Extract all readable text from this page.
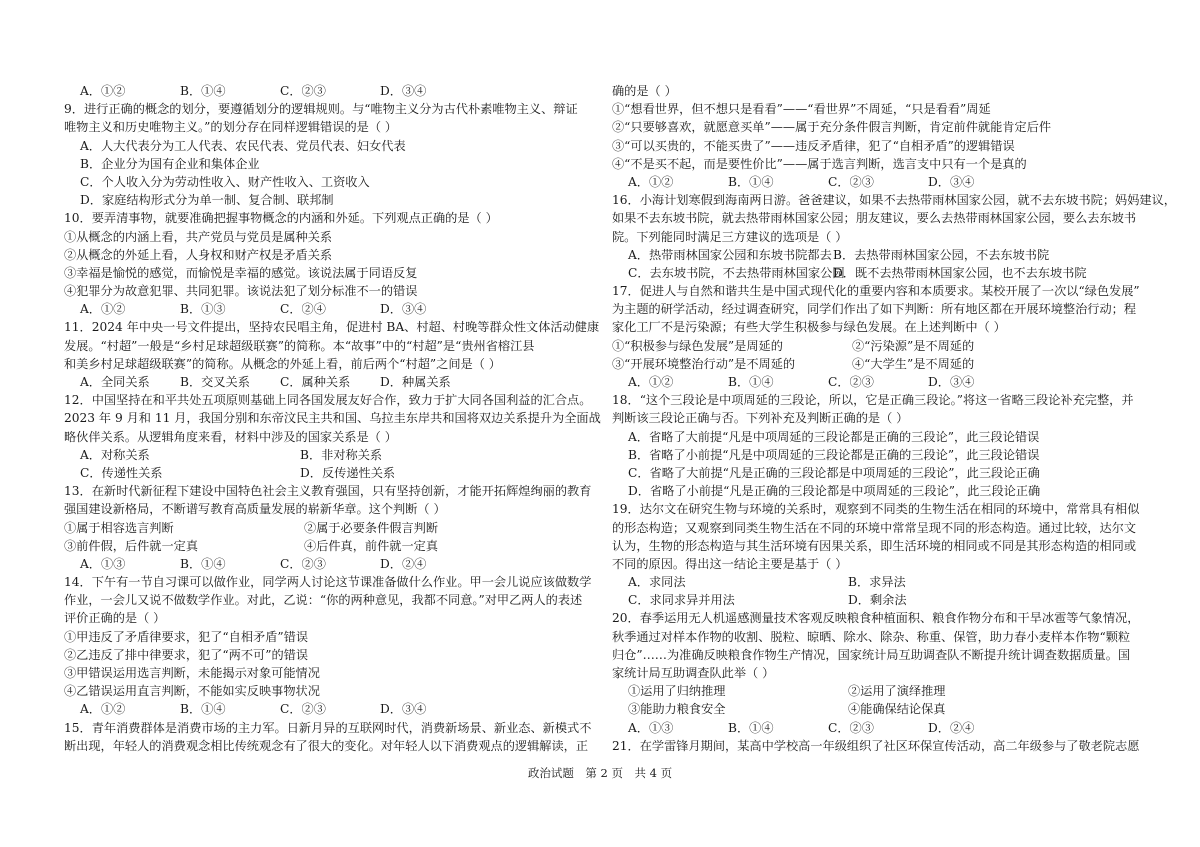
A．①②	B．①④	C．②③	D．③④
9．进行正确的概念的划分，要遵循划分的逻辑规则。与“唯物主义分为古代朴素唯物主义、辩证
唯物主义和历史唯物主义。”的划分存在同样逻辑错误的是（ ）
A．人大代表分为工人代表、农民代表、党员代表、妇女代表
B．企业分为国有企业和集体企业
C．个人收入分为劳动性收入、财产性收入、工资收入
D．家庭结构形式分为单一制、复合制、联邦制
10．要弄清事物，就要准确把握事物概念的内涵和外延。下列观点正确的是（ ）
①从概念的内涵上看，共产党员与党员是属种关系
②从概念的外延上看，人身权和财产权是矛盾关系
③幸福是愉悦的感觉，而愉悦是幸福的感觉。该说法属于同语反复
④犯罪分为故意犯罪、共同犯罪。该说法犯了划分标准不一的错误
A．①②	B．①③	C．②④	D．③④
11．2024 年中央一号文件提出，坚持农民唱主角，促进村 BA、村超、村晚等群众性文体活动健康
发展。“村超”一般是“乡村足球超级联赛”的简称。本“故事”中的“村超”是“贵州省榕江县
和美乡村足球超级联赛”的简称。从概念的外延上看，前后两个“村超”之间是（ ）
A．全同关系	B．交叉关系	C．属种关系	D．种属关系
12．中国坚持在和平共处五项原则基础上同各国发展友好合作，致力于扩大同各国利益的汇合点。
2023 年 9 月和 11 月，我国分别和东帝汶民主共和国、乌拉圭东岸共和国将双边关系提升为全面战
略伙伴关系。从逻辑角度来看，材料中涉及的国家关系是（ ）
A．对称关系	B．非对称关系
C．传递性关系	D．反传递性关系
13．在新时代新征程下建设中国特色社会主义教育强国，只有坚持创新，才能开拓辉煌绚丽的教育
强国建设新格局，不断谱写教育高质量发展的崭新华章。这个判断（ ）
①属于相容选言判断	②属于必要条件假言判断
③前件假，后件就一定真	④后件真，前件就一定真
A．①③	B．①④	C．②③	D．②④
14．下午有一节自习课可以做作业，同学两人讨论这节课准备做什么作业。甲一会儿说应该做数学
作业，一会儿又说不做数学作业。对此，乙说：“你的两种意见，我都不同意。”对甲乙两人的表述
评价正确的是（ ）
①甲违反了矛盾律要求，犯了“自相矛盾”错误
②乙违反了排中律要求，犯了“两不可”的错误
③甲错误运用选言判断，未能揭示对象可能情况
④乙错误运用直言判断，不能如实反映事物状况
A．①②	B．①④	C．②③	D．③④
15．青年消费群体是消费市场的主力军。日新月异的互联网时代，消费新场景、新业态、新模式不
断出现，年轻人的消费观念相比传统观念有了很大的变化。对年轻人以下消费观点的逻辑解读，正
确的是（ ）
①“想看世界，但不想只是看看”——“看世界”不周延，“只是看看”周延
②“只要够喜欢，就愿意买单”——属于充分条件假言判断，肯定前件就能肯定后件
③“可以买贵的，不能买贵了”——违反矛盾律，犯了“自相矛盾”的逻辑错误
④“不是买不起，而是要性价比”——属于选言判断，选言支中只有一个是真的
A．①②	B．①④	C．②③	D．③④
16．小海计划寒假到海南两日游。爸爸建议，如果不去热带雨林国家公园，就不去东坡书院；妈妈建议，
如果不去东坡书院，就去热带雨林国家公园；朋友建议，要么去热带雨林国家公园，要么去东坡书
院。下列能同时满足三方建议的选项是（ ）
A．热带雨林国家公园和东坡书院都去 B．去热带雨林国家公园，不去东坡书院
C．去东坡书院，不去热带雨林国家公园
D．既不去热带雨林国家公园，也不去东坡书院
17．促进人与自然和谐共生是中国式现代化的重要内容和本质要求。某校开展了一次以“绿色发展”
为主题的研学活动，经过调查研究，同学们作出了如下判断：所有地区都在开展环境整治行动；程
家化工厂不是污染源；有些大学生积极参与绿色发展。在上述判断中（ ）
①“积极参与绿色发展”是周延的	②“污染源”是不周延的
③“开展环境整治行动”是不周延的	④“大学生”是不周延的
A．①②	B．①④	C．②③	D．③④
18．“这个三段论是中项周延的三段论，所以，它是正确三段论。”将这一省略三段论补充完整，并
判断该三段论正确与否。下列补充及判断正确的是（ ）
A．省略了大前提“凡是中项周延的三段论都是正确的三段论”，此三段论错误
B．省略了小前提“凡是中项周延的三段论都是正确的三段论”，此三段论错误
C．省略了大前提“凡是正确的三段论都是中项周延的三段论”，此三段论正确
D．省略了小前提“凡是正确的三段论都是中项周延的三段论”，此三段论正确
19．达尔文在研究生物与环境的关系时，观察到不同类的生物生活在相同的环境中，常常具有相似
的形态构造；又观察到同类生物生活在不同的环境中常常呈现不同的形态构造。通过比较，达尔文
认为，生物的形态构造与其生活环境有因果关系，即生活环境的相同或不同是其形态构造的相同或
不同的原因。得出这一结论主要是基于（ ）
A．求同法	B．求异法
C．求同求异并用法	D．剩余法
20．春季运用无人机遥感测量技术客观反映粮食种植面积、粮食作物分布和干旱冰雹等气象情况，
秋季通过对样本作物的收割、脱粒、晾晒、除水、除杂、称重、保管，助力春小麦样本作物“颗粒
归仓”……为准确反映粮食作物生产情况，国家统计局互助调查队不断提升统计调查数据质量。国
家统计局互助调查队此举（ ）
①运用了归纳推理	②运用了演绎推理
③能助力粮食安全	④能确保结论保真
A．①③	B．①④	C．②③	D．②④
21．在学雷锋月期间，某高中学校高一年级组织了社区环保宣传活动，高二年级参与了敬老院志愿
政治试题　第 2 页　共 4 页
